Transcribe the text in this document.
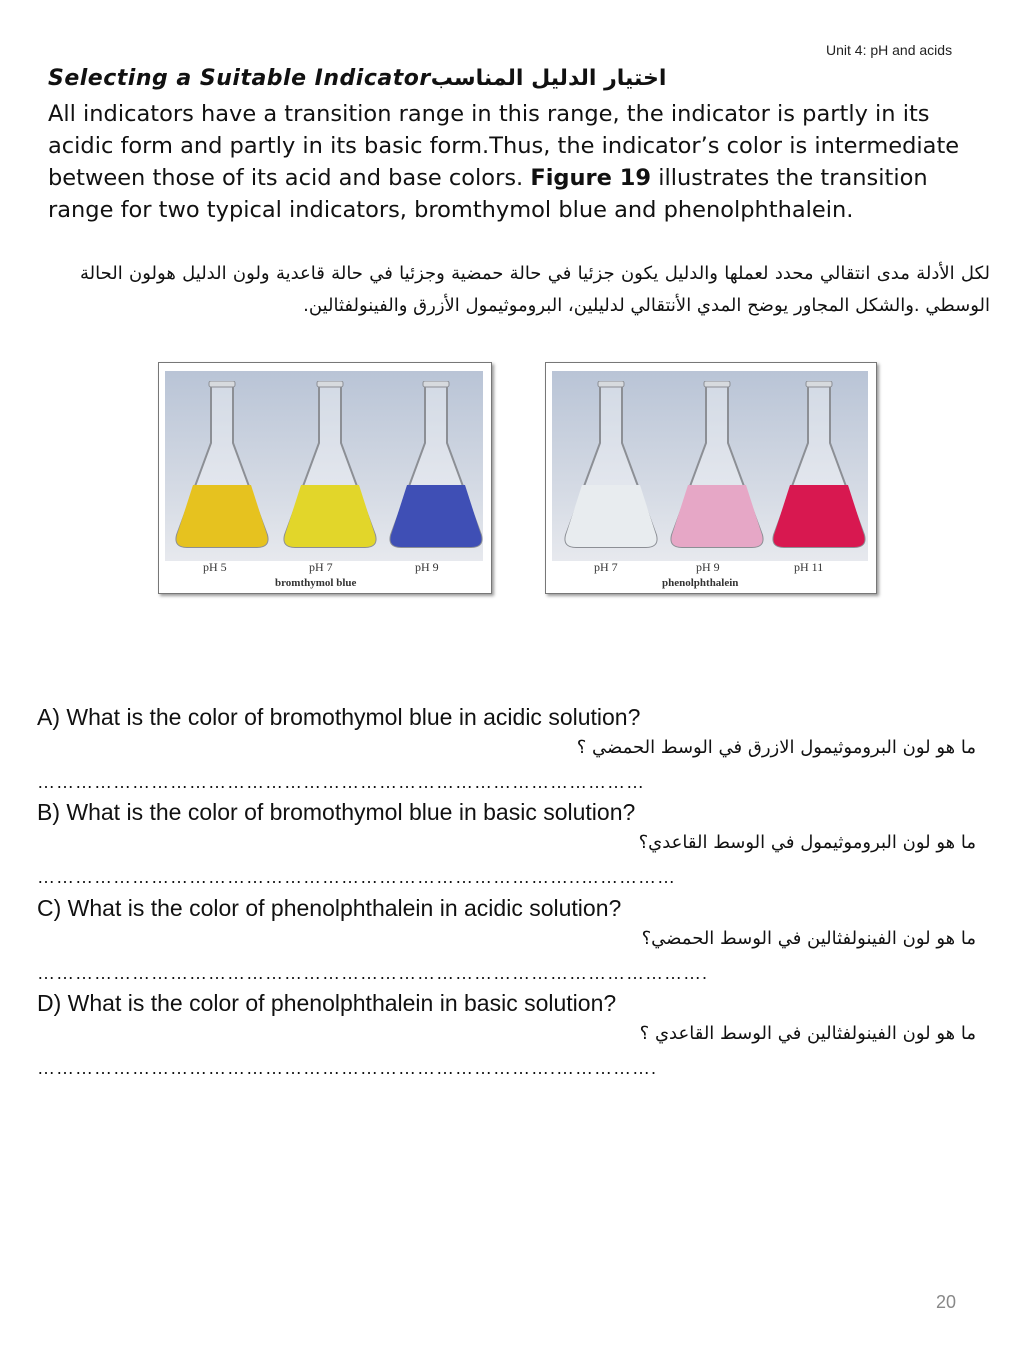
Unit 4: pH and acids
Selecting a Suitable Indicatorاختيار الدليل المناسب
All indicators have a transition range in this range, the indicator is partly in its acidic form and partly in its basic form.Thus, the indicator’s color is intermediate between those of its acid and base colors. Figure 19 illustrates the transition range for two typical indicators, bromthymol blue and phenolphthalein.
لكل الأدلة مدى انتقالي محدد لعملها والدليل يكون جزئيا في حالة حمضية وجزئيا في حالة قاعدية ولون الدليل هولون الحالة الوسطي .والشكل المجاور يوضح المدي الأنتقالي لدليلين، البروموثيمول الأزرق والفينولفثالين.
pH 5	pH 7	pH 9
bromthymol blue
pH 7	pH 9	pH 11
phenolphthalein
A) What is the color of bromothymol blue in acidic solution?
ما هو لون البروموثيمول الازرق في الوسط الحمضي ؟
……………………………………………………………………………………
B) What is the color of bromothymol blue in basic solution?
ما هو لون البروموثيمول في الوسط القاعدي؟
…………………………………………………………………………..……………
C) What is the color of phenolphthalein in acidic solution?
ما هو لون الفينولفثالين في الوسط الحمضي؟
…………………………………………………………………………………………….
D) What is the color of phenolphthalein in basic solution?
ما هو لون الفينولفثالين في الوسط القاعدي ؟
……………………………………………………………………….…………….
20
